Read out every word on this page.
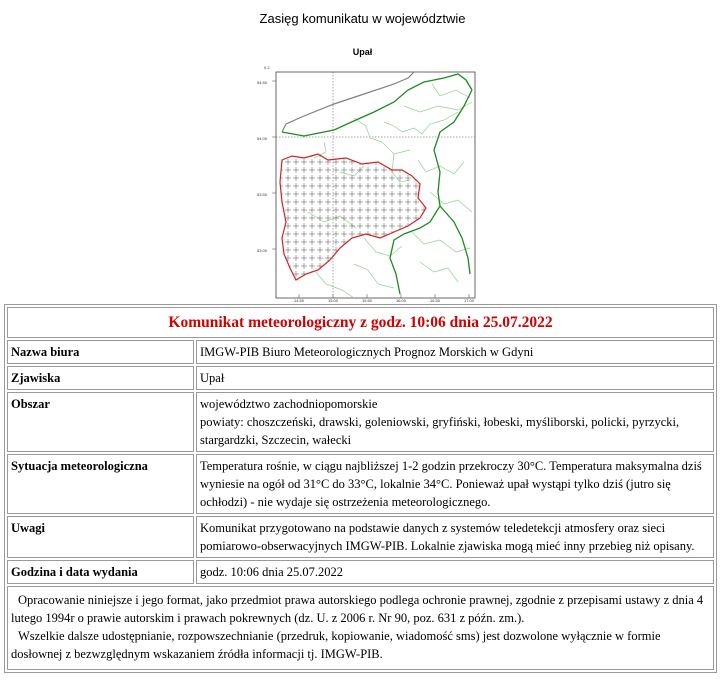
Zasięg komunikatu w województwie
Upał
0.2
54.50
54.00
53.50
53.00
14.50	15.00	15.50	16.00	16.50	17.00
Komunikat meteorologiczny z godz. 10:06 dnia 25.07.2022	
Nazwa biura	IMGW-PIB Biuro Meteorologicznych Prognoz Morskich w Gdyni
Zjawiska	Upał
Obszar	województwo zachodniopomorskie
powiaty: choszczeński, drawski, goleniowski, gryfiński, łobeski, myśliborski, policki, pyrzycki, stargardzki, Szczecin, wałecki

Sytuacja meteorologiczna	Temperatura rośnie, w ciągu najbliższej 1-2 godzin przekroczy 30°C. Temperatura maksymalna dziś wyniesie na ogół od 31°C do 33°C, lokalnie 34°C. Ponieważ upał wystąpi tylko dziś (jutro się ochłodzi) - nie wydaje się ostrzeżenia meteorologicznego.
Uwagi	Komunikat przygotowano na podstawie danych z systemów teledetekcji atmosfery oraz sieci pomiarowo-obserwacyjnych IMGW-PIB. Lokalnie zjawiska mogą mieć inny przebieg niż opisany.
Godzina i data wydania	godz. 10:06 dnia 25.07.2022

Opracowanie niniejsze i jego format, jako przedmiot prawa autorskiego podlega ochronie prawnej, zgodnie z przepisami ustawy z dnia 4 lutego 1994r o prawie autorskim i prawach pokrewnych (dz. U. z 2006 r. Nr 90, poz. 631 z późn. zm.).

Wszelkie dalsze udostępnianie, rozpowszechnianie (przedruk, kopiowanie, wiadomość sms) jest dozwolone wyłącznie w formie dosłownej z bezwzględnym wskazaniem źródła informacji tj. IMGW-PIB.	
